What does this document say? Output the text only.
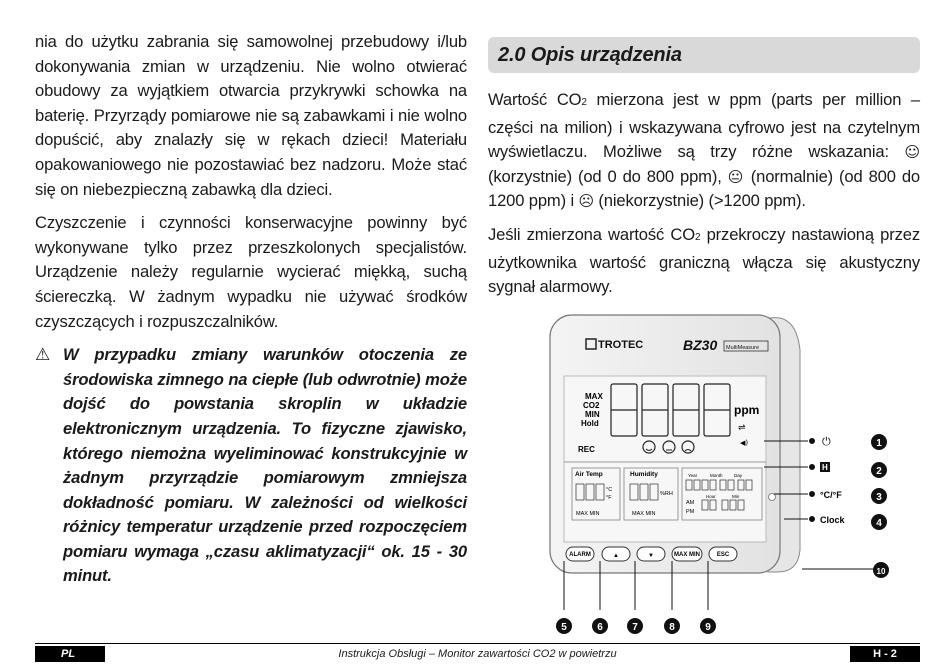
nia do użytku zabrania się samowolnej przebudowy i/lub dokonywania zmian w urządzeniu. Nie wolno otwierać obudowy za wyjątkiem otwarcia przykrywki schowka na baterię. Przyrządy pomiarowe nie są zabawkami i nie wolno dopuścić, aby znalazły się w rękach dzieci! Materiału opakowaniowego nie pozostawiać bez nadzoru. Może stać się on niebezpieczną zabawką dla dzieci.

Czyszczenie i czynności konserwacyjne powinny być wykonywane tylko przez przeszkolonych specjalistów. Urządzenie należy regularnie wycierać miękką, suchą ściereczką. W żadnym wypadku nie używać środków czyszczących i rozpuszczalników.

⚠ W przypadku zmiany warunków otoczenia ze środowiska zimnego na ciepłe (lub odwrotnie) może dojść do powstania skroplin w układzie elektronicznym urządzenia. To fizyczne zjawisko, którego niemożna wyeliminować konstrukcyjnie w żadnym przyrządzie pomiarowym zmniejsza dokładność pomiaru. W zależności od wielkości różnicy temperatur urządzenie przed rozpoczęciem pomiaru wymaga „czasu aklimatyzacji“ ok. 15 - 30 minut.
2.0 Opis urządzenia

Wartość CO2 mierzona jest w ppm (parts per million – części na milion) i wskazywana cyfrowo jest na czytelnym wyświetlaczu. Możliwe są trzy różne wskazania: ☺ (korzystnie) (od 0 do 800 ppm), 😐 (normalnie) (od 800 do 1200 ppm) i ☹ (niekorzystnie) (>1200 ppm).

Jeśli zmierzona wartość CO2 przekroczy nastawioną przez użytkownika wartość graniczną włącza się akustyczny sygnał alarmowy.

TROTEC	BZ30 MultiMeasure
MAX
CO2
MIN
Hold
REC
ppm
⇌
◀)
Air Temp	Humidity	Year	Month	Day
°C
°F
%RH
MAX MIN	MAX MIN
AM
PM
Hour	Min
ALARM	▲	▼	MAX MIN	ESC
⏻
H
°C/°F
Clock
1
2
3
4
10
5	6	7	8	9
PL	Instrukcja Obsługi – Monitor zawartości CO2 w powietrzu	H - 2
